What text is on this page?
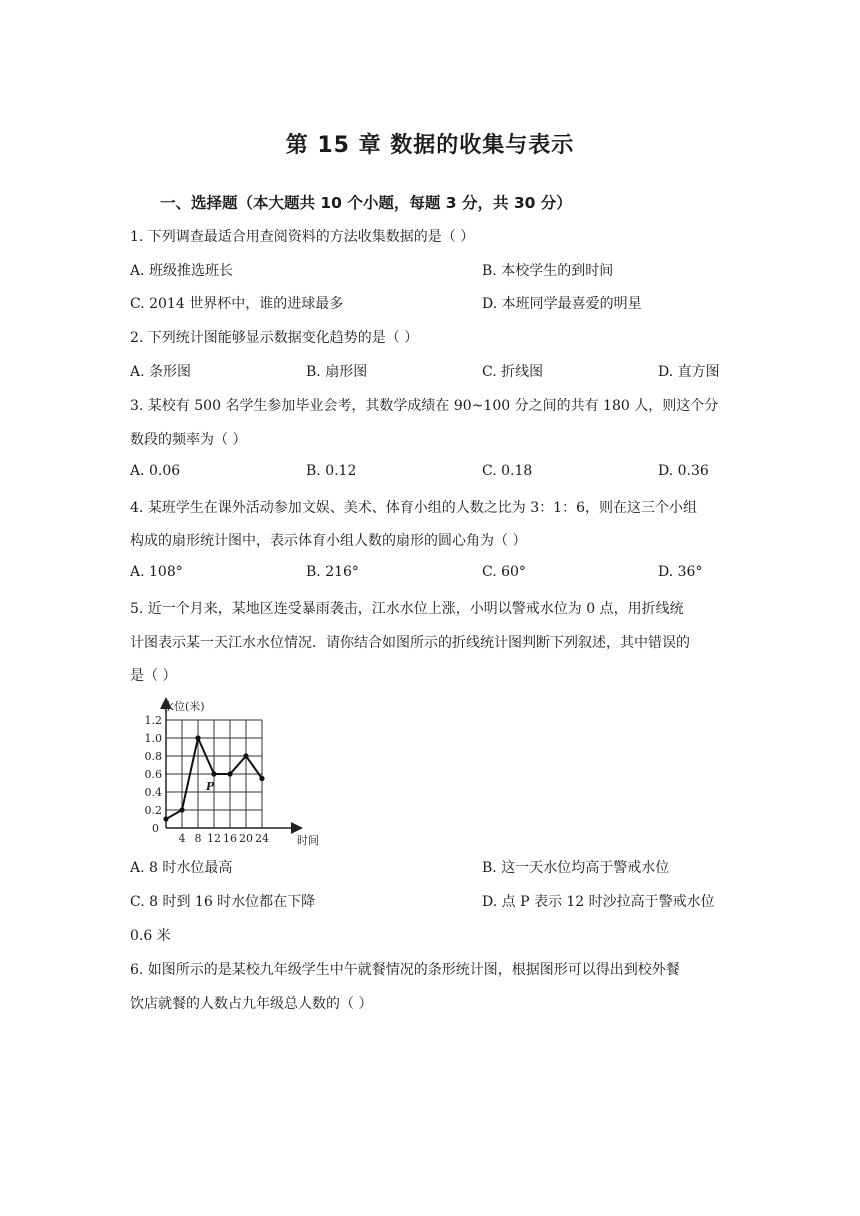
第 15 章 数据的收集与表示
一、选择题（本大题共 10 个小题，每题 3 分，共 30 分）
1. 下列调查最适合用查阅资料的方法收集数据的是（ ）
A. 班级推选班长	B. 本校学生的到时间
C. 2014 世界杯中，谁的进球最多	D. 本班同学最喜爱的明星
2. 下列统计图能够显示数据变化趋势的是（ ）
A. 条形图	B. 扇形图	C. 折线图	D. 直方图
3. 某校有 500 名学生参加毕业会考，其数学成绩在 90~100 分之间的共有 180 人，则这个分
数段的频率为（ ）
A. 0.06	B. 0.12	C. 0.18	D. 0.36
4. 某班学生在课外活动参加文娱、美术、体育小组的人数之比为 3：1：6，则在这三个小组
构成的扇形统计图中，表示体育小组人数的扇形的圆心角为（ ）
A. 108°	B. 216°	C. 60°	D. 36°
5. 近一个月来，某地区连受暴雨袭击，江水水位上涨，小明以警戒水位为 0 点，用折线统
计图表示某一天江水水位情况．请你结合如图所示的折线统计图判断下列叙述，其中错误的
是（ ）
水位(米)
时间
0
4 8 12 16 20 24
0.2
0.4
0.6
0.8
1.0
1.2
P
A. 8 时水位最高	B. 这一天水位均高于警戒水位
C. 8 时到 16 时水位都在下降	D. 点 P 表示 12 时沙拉高于警戒水位
0.6 米
6. 如图所示的是某校九年级学生中午就餐情况的条形统计图，根据图形可以得出到校外餐
饮店就餐的人数占九年级总人数的（ ）
